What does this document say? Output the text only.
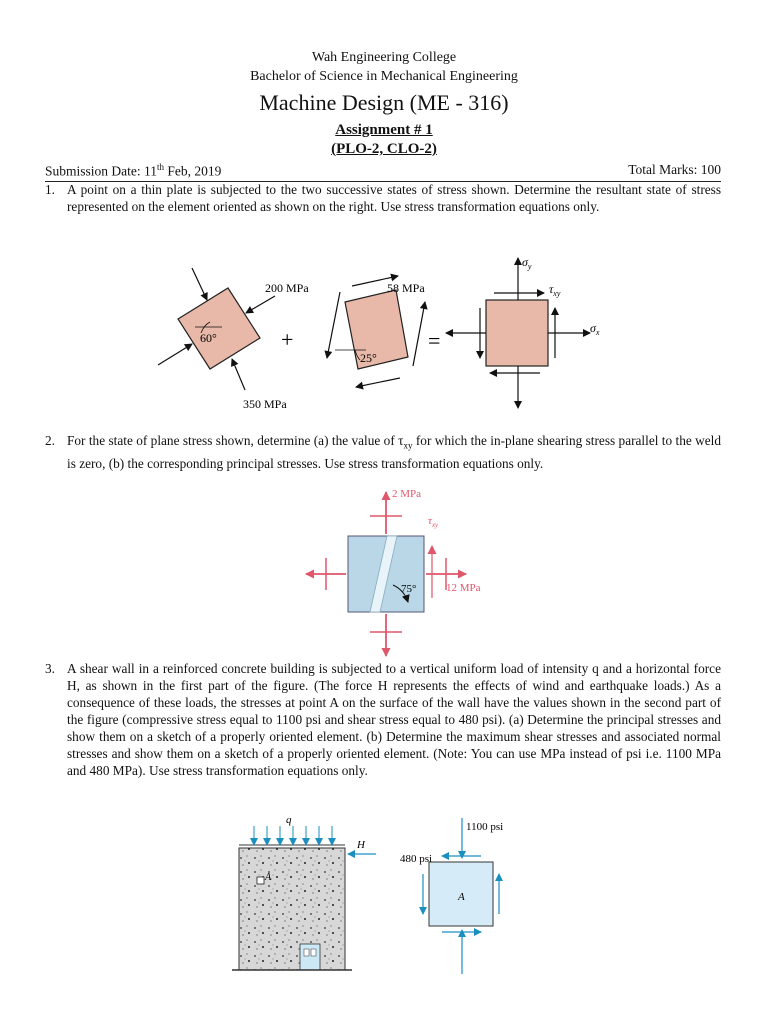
Wah Engineering College
Bachelor of Science in Mechanical Engineering
Machine Design (ME - 316)
Assignment # 1
(PLO-2, CLO-2)
Submission Date: 11th Feb, 2019	Total Marks: 100
1. A point on a thin plate is subjected to the two successive states of stress shown. Determine the resultant state of stress represented on the element oriented as shown on the right. Use stress transformation equations only.
60°
200 MPa
350 MPa
+
25°
58 MPa
=
$\sigma_y$
$\tau_{xy}$
$\sigma_x$
2 MPa
$\tau_{xy}$
75°	12 MPa
q
H
A
1100 psi
480 psi
A
2. For the state of plane stress shown, determine (a) the value of $\tau_{xy}$ for which the in-plane shearing stress parallel to the weld is zero, (b) the corresponding principal stresses. Use stress transformation equations only.
3. A shear wall in a reinforced concrete building is subjected to a vertical uniform load of intensity q and a horizontal force H, as shown in the first part of the figure. (The force H represents the effects of wind and earthquake loads.) As a consequence of these loads, the stresses at point A on the surface of the wall have the values shown in the second part of the figure (compressive stress equal to 1100 psi and shear stress equal to 480 psi). (a) Determine the principal stresses and show them on a sketch of a properly oriented element. (b) Determine the maximum shear stresses and associated normal stresses and show them on a sketch of a properly oriented element. (Note: You can use MPa instead of psi i.e. 1100 MPa and 480 MPa). Use stress transformation equations only.
